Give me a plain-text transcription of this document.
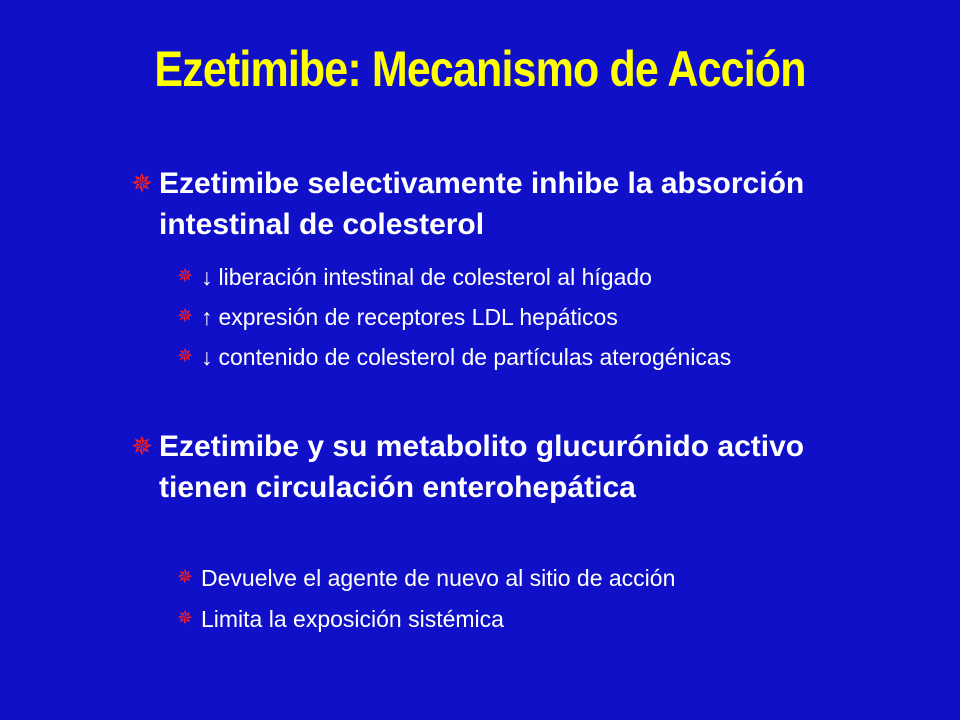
Ezetimibe: Mecanismo de Acción
✵ Ezetimibe selectivamente inhibe la absorción intestinal de colesterol
✵ ↓ liberación intestinal de colesterol al hígado
✵ ↑ expresión de receptores LDL hepáticos
✵ ↓ contenido de colesterol de partículas aterogénicas
✵ Ezetimibe y su metabolito glucurónido activo tienen circulación enterohepática
✵ Devuelve el agente de nuevo al sitio de acción
✵ Limita la exposición sistémica
